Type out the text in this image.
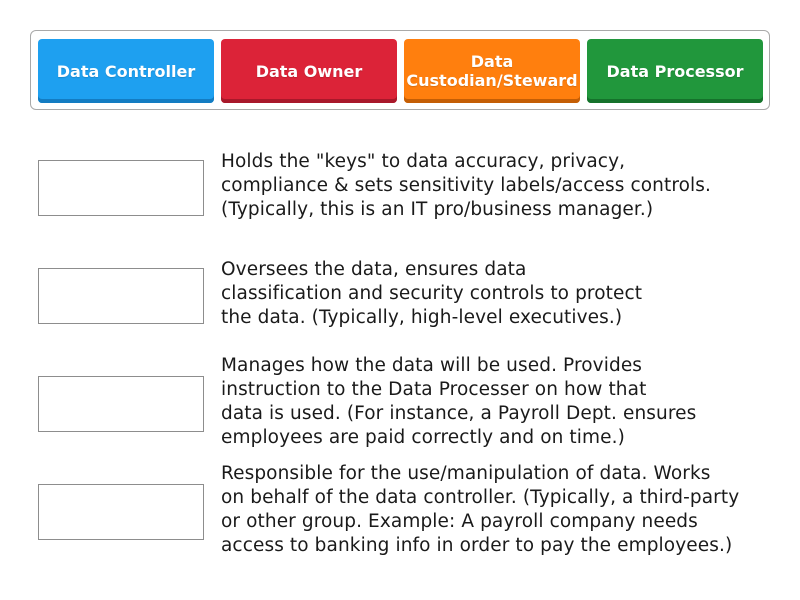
Data Controller	Data Owner	Data
Custodian/Steward Data Processor
Holds the "keys" to data accuracy, privacy,
compliance & sets sensitivity labels/access controls.
(Typically, this is an IT pro/business manager.)
Oversees the data, ensures data
classification and security controls to protect
the data. (Typically, high-level executives.)
Manages how the data will be used. Provides
instruction to the Data Processer on how that
data is used. (For instance, a Payroll Dept. ensures
employees are paid correctly and on time.)
Responsible for the use/manipulation of data. Works
on behalf of the data controller. (Typically, a third-party
or other group. Example: A payroll company needs
access to banking info in order to pay the employees.)
